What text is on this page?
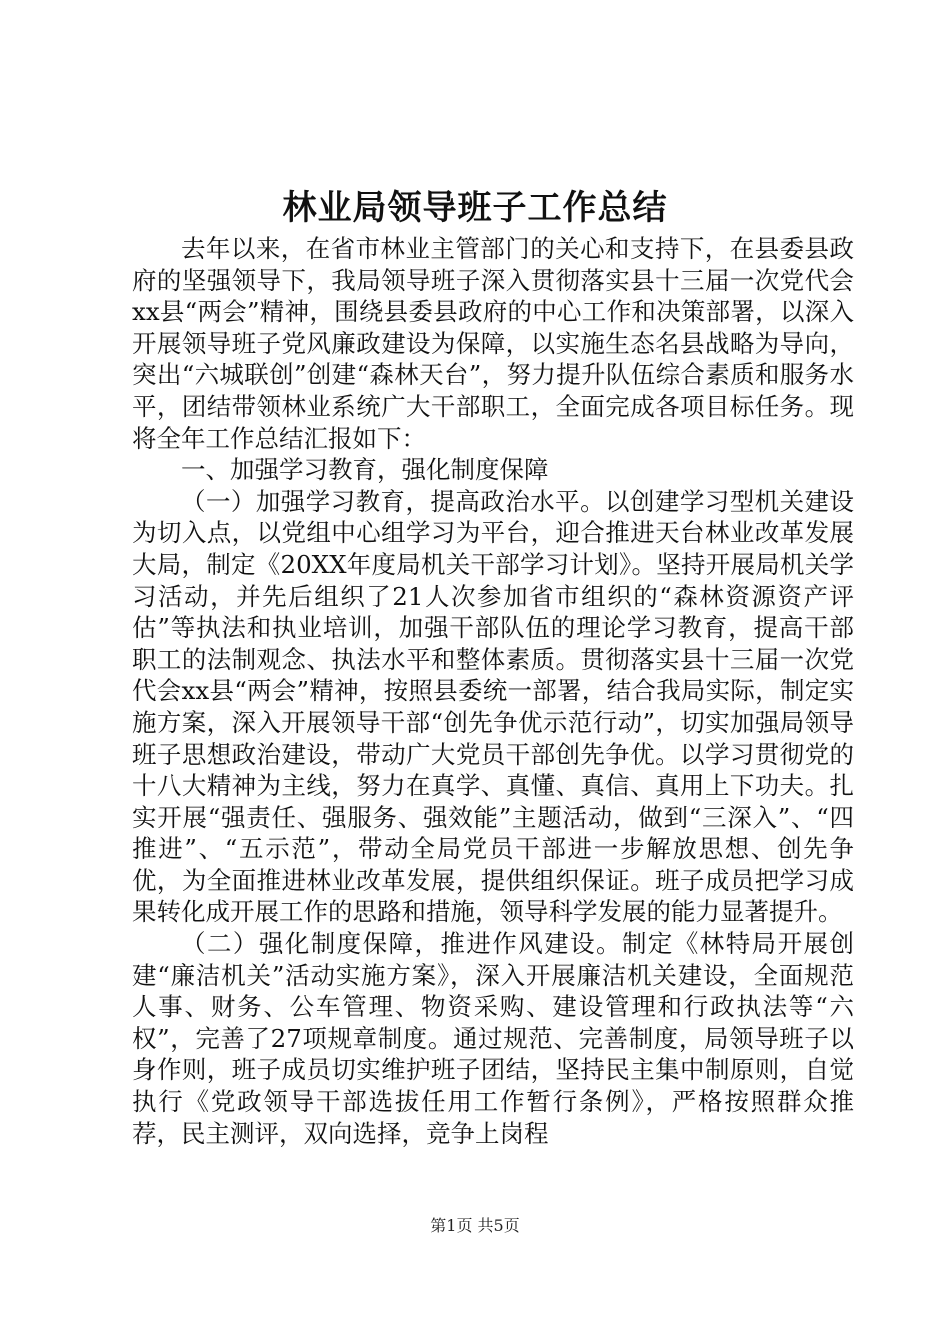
林业局领导班子工作总结

去年以来，在省市林业主管部门的关心和支持下，在县委县政府的坚强领导下，我局领导班子深入贯彻落实县十三届一次党代会xx县“两会”精神，围绕县委县政府的中心工作和决策部署，以深入开展领导班子党风廉政建设为保障，以实施生态名县战略为导向，突出“六城联创”创建“森林天台”，努力提升队伍综合素质和服务水平，团结带领林业系统广大干部职工，全面完成各项目标任务。现将全年工作总结汇报如下：

一、加强学习教育，强化制度保障

（一）加强学习教育，提高政治水平。以创建学习型机关建设为切入点，以党组中心组学习为平台，迎合推进天台林业改革发展大局，制定《20XX年度局机关干部学习计划》。坚持开展局机关学习活动，并先后组织了21人次参加省市组织的“森林资源资产评估”等执法和执业培训，加强干部队伍的理论学习教育，提高干部职工的法制观念、执法水平和整体素质。贯彻落实县十三届一次党代会xx县“两会”精神，按照县委统一部署，结合我局实际，制定实施方案，深入开展领导干部“创先争优示范行动”，切实加强局领导班子思想政治建设，带动广大党员干部创先争优。以学习贯彻党的十八大精神为主线，努力在真学、真懂、真信、真用上下功夫。扎实开展“强责任、强服务、强效能”主题活动，做到“三深入”、“四推进”、“五示范”，带动全局党员干部进一步解放思想、创先争优，为全面推进林业改革发展，提供组织保证。班子成员把学习成果转化成开展工作的思路和措施，领导科学发展的能力显著提升。

（二）强化制度保障，推进作风建设。制定《林特局开展创建“廉洁机关”活动实施方案》，深入开展廉洁机关建设，全面规范人事、财务、公车管理、物资采购、建设管理和行政执法等“六权”，完善了27项规章制度。通过规范、完善制度，局领导班子以身作则，班子成员切实维护班子团结，坚持民主集中制原则，自觉执行《党政领导干部选拔任用工作暂行条例》，严格按照群众推荐，民主测评，双向选择，竞争上岗程

第1页 共5页
